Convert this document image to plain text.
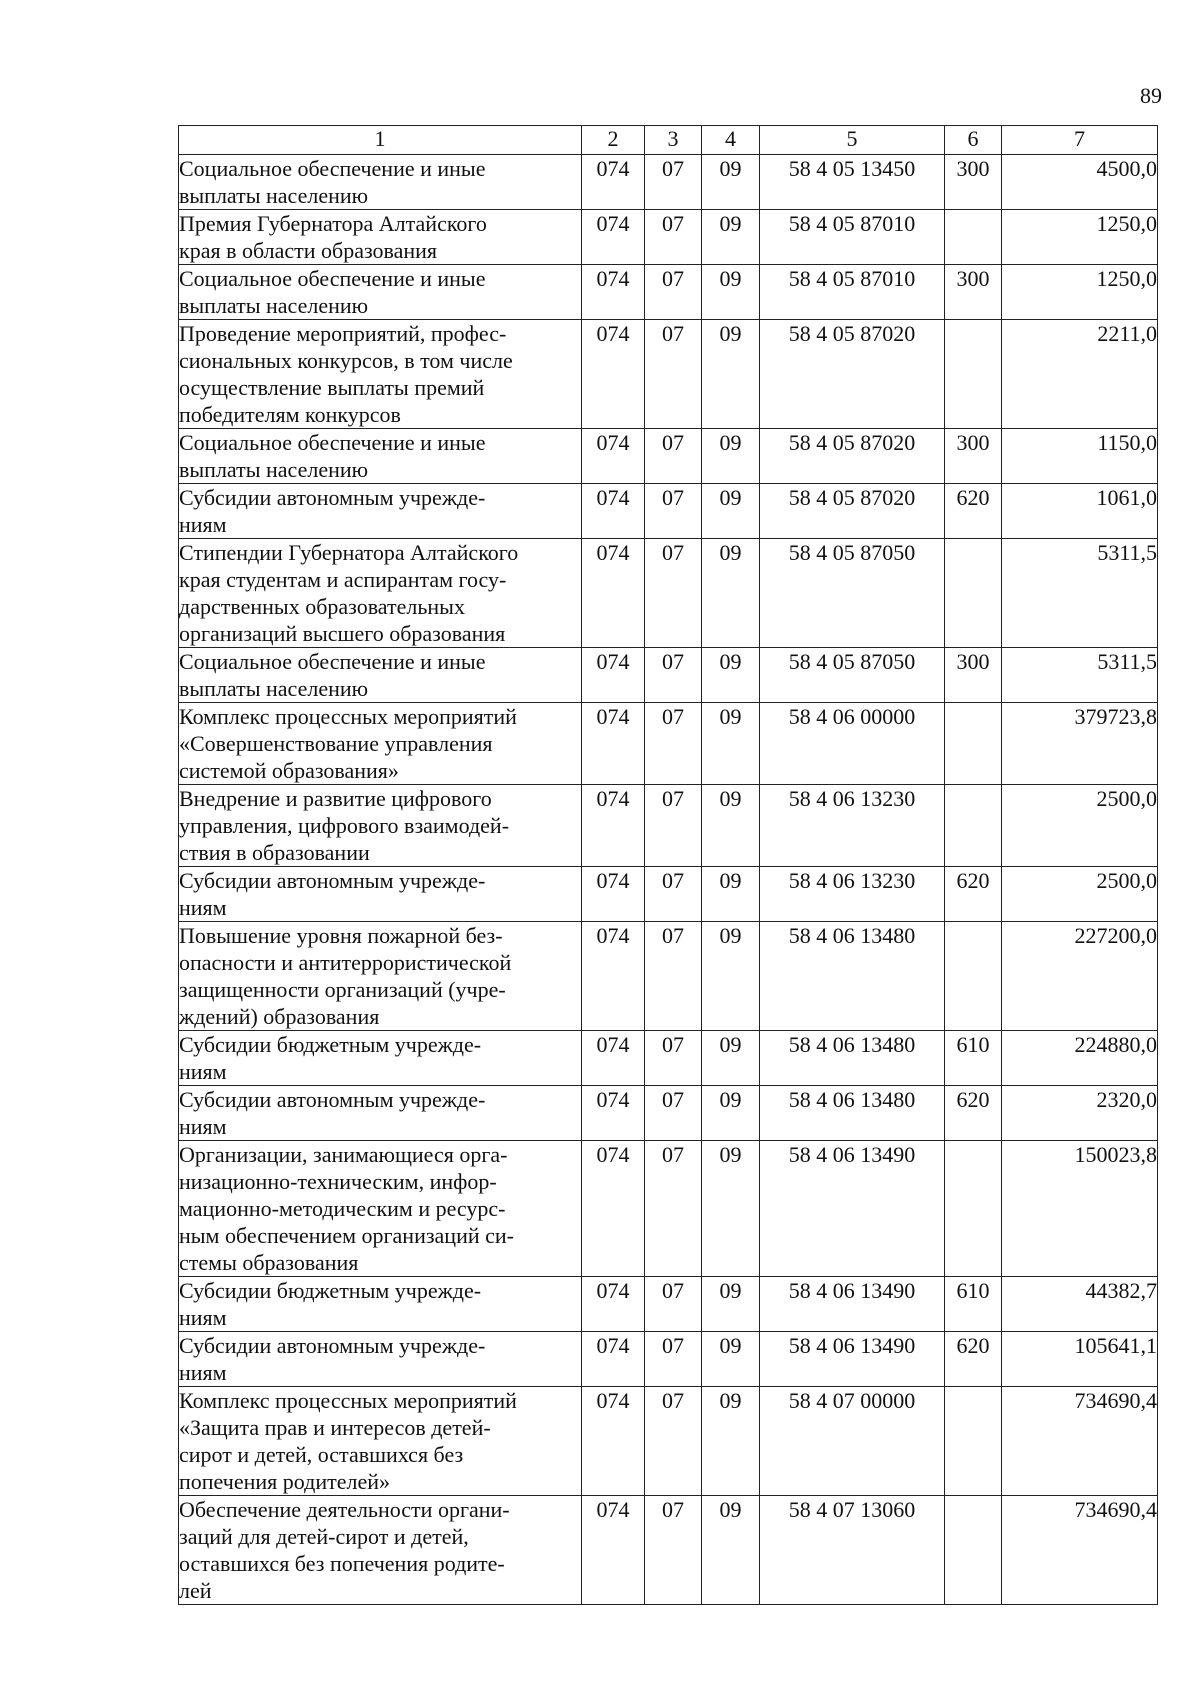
89
1	2	3	4	5	6	7
Социальное обеспечение и иные
выплаты населению	074	07	09	58 4 05 13450	300	4500,0
Премия Губернатора Алтайского
края в области образования	074	07	09	58 4 05 87010		1250,0
Социальное обеспечение и иные
выплаты населению	074	07	09	58 4 05 87010	300	1250,0
Проведение мероприятий, профес-
сиональных конкурсов, в том числе
осуществление выплаты премий
победителям конкурсов	074	07	09	58 4 05 87020		2211,0
Социальное обеспечение и иные
выплаты населению	074	07	09	58 4 05 87020	300	1150,0
Субсидии автономным учрежде-
ниям	074	07	09	58 4 05 87020	620	1061,0
Стипендии Губернатора Алтайского
края студентам и аспирантам госу-
дарственных образовательных
организаций высшего образования	074	07	09	58 4 05 87050		5311,5
Социальное обеспечение и иные
выплаты населению	074	07	09	58 4 05 87050	300	5311,5
Комплекс процессных мероприятий
«Совершенствование управления
системой образования»	074	07	09	58 4 06 00000		379723,8
Внедрение и развитие цифрового
управления, цифрового взаимодей-
ствия в образовании	074	07	09	58 4 06 13230		2500,0
Субсидии автономным учрежде-
ниям	074	07	09	58 4 06 13230	620	2500,0
Повышение уровня пожарной без-
опасности и антитеррористической
защищенности организаций (учре-
ждений) образования	074	07	09	58 4 06 13480		227200,0
Субсидии бюджетным учрежде-
ниям	074	07	09	58 4 06 13480	610	224880,0
Субсидии автономным учрежде-
ниям	074	07	09	58 4 06 13480	620	2320,0
Организации, занимающиеся орга-
низационно-техническим, инфор-
мационно-методическим и ресурс-
ным обеспечением организаций си-
стемы образования	074	07	09	58 4 06 13490		150023,8
Субсидии бюджетным учрежде-
ниям	074	07	09	58 4 06 13490	610	44382,7
Субсидии автономным учрежде-
ниям	074	07	09	58 4 06 13490	620	105641,1
Комплекс процессных мероприятий
«Защита прав и интересов детей-
сирот и детей, оставшихся без
попечения родителей»	074	07	09	58 4 07 00000		734690,4
Обеспечение деятельности органи-
заций для детей-сирот и детей,
оставшихся без попечения родите-
лей	074	07	09	58 4 07 13060		734690,4
